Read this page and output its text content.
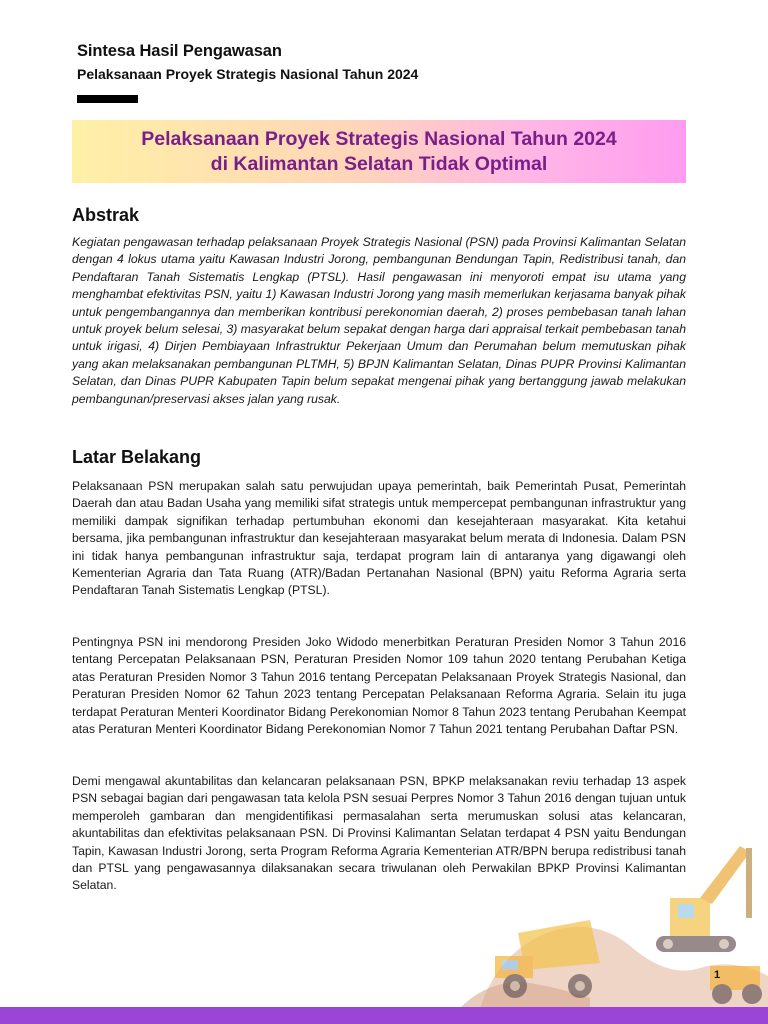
Sintesa Hasil Pengawasan
Pelaksanaan Proyek Strategis Nasional Tahun 2024
Pelaksanaan Proyek Strategis Nasional Tahun 2024
di Kalimantan Selatan Tidak Optimal
Abstrak

Kegiatan pengawasan terhadap pelaksanaan Proyek Strategis Nasional (PSN) pada Provinsi Kalimantan Selatan dengan 4 lokus utama yaitu Kawasan Industri Jorong, pembangunan Bendungan Tapin, Redistribusi tanah, dan Pendaftaran Tanah Sistematis Lengkap (PTSL). Hasil pengawasan ini menyoroti empat isu utama yang menghambat efektivitas PSN, yaitu 1) Kawasan Industri Jorong yang masih memerlukan kerjasama banyak pihak untuk pengembangannya dan memberikan kontribusi perekonomian daerah, 2) proses pembebasan tanah lahan untuk proyek belum selesai, 3) masyarakat belum sepakat dengan harga dari appraisal terkait pembebasan tanah untuk irigasi, 4) Dirjen Pembiayaan Infrastruktur Pekerjaan Umum dan Perumahan belum memutuskan pihak yang akan melaksanakan pembangunan PLTMH, 5) BPJN Kalimantan Selatan, Dinas PUPR Provinsi Kalimantan Selatan, dan Dinas PUPR Kabupaten Tapin belum sepakat mengenai pihak yang bertanggung jawab melakukan pembangunan/preservasi akses jalan yang rusak.

Latar Belakang

Pelaksanaan PSN merupakan salah satu perwujudan upaya pemerintah, baik Pemerintah Pusat, Pemerintah Daerah dan atau Badan Usaha yang memiliki sifat strategis untuk mempercepat pembangunan infrastruktur yang memiliki dampak signifikan terhadap pertumbuhan ekonomi dan kesejahteraan masyarakat. Kita ketahui bersama, jika pembangunan infrastruktur dan kesejahteraan masyarakat belum merata di Indonesia. Dalam PSN ini tidak hanya pembangunan infrastruktur saja, terdapat program lain di antaranya yang digawangi oleh Kementerian Agraria dan Tata Ruang (ATR)/Badan Pertanahan Nasional (BPN) yaitu Reforma Agraria serta Pendaftaran Tanah Sistematis Lengkap (PTSL).

Pentingnya PSN ini mendorong Presiden Joko Widodo menerbitkan Peraturan Presiden Nomor 3 Tahun 2016 tentang Percepatan Pelaksanaan PSN, Peraturan Presiden Nomor 109 tahun 2020 tentang Perubahan Ketiga atas Peraturan Presiden Nomor 3 Tahun 2016 tentang Percepatan Pelaksanaan Proyek Strategis Nasional, dan Peraturan Presiden Nomor 62 Tahun 2023 tentang Percepatan Pelaksanaan Reforma Agraria. Selain itu juga terdapat Peraturan Menteri Koordinator Bidang Perekonomian Nomor 8 Tahun 2023 tentang Perubahan Keempat atas Peraturan Menteri Koordinator Bidang Perekonomian Nomor 7 Tahun 2021 tentang Perubahan Daftar PSN.

Demi mengawal akuntabilitas dan kelancaran pelaksanaan PSN, BPKP melaksanakan reviu terhadap 13 aspek PSN sebagai bagian dari pengawasan tata kelola PSN sesuai Perpres Nomor 3 Tahun 2016 dengan tujuan untuk memperoleh gambaran dan mengidentifikasi permasalahan serta merumuskan solusi atas kelancaran, akuntabilitas dan efektivitas pelaksanaan PSN. Di Provinsi Kalimantan Selatan terdapat 4 PSN yaitu Bendungan Tapin, Kawasan Industri Jorong, serta Program Reforma Agraria Kementerian ATR/BPN berupa redistribusi tanah dan PTSL yang pengawasannya dilaksanakan secara triwulanan oleh Perwakilan BPKP Provinsi Kalimantan Selatan.

1
